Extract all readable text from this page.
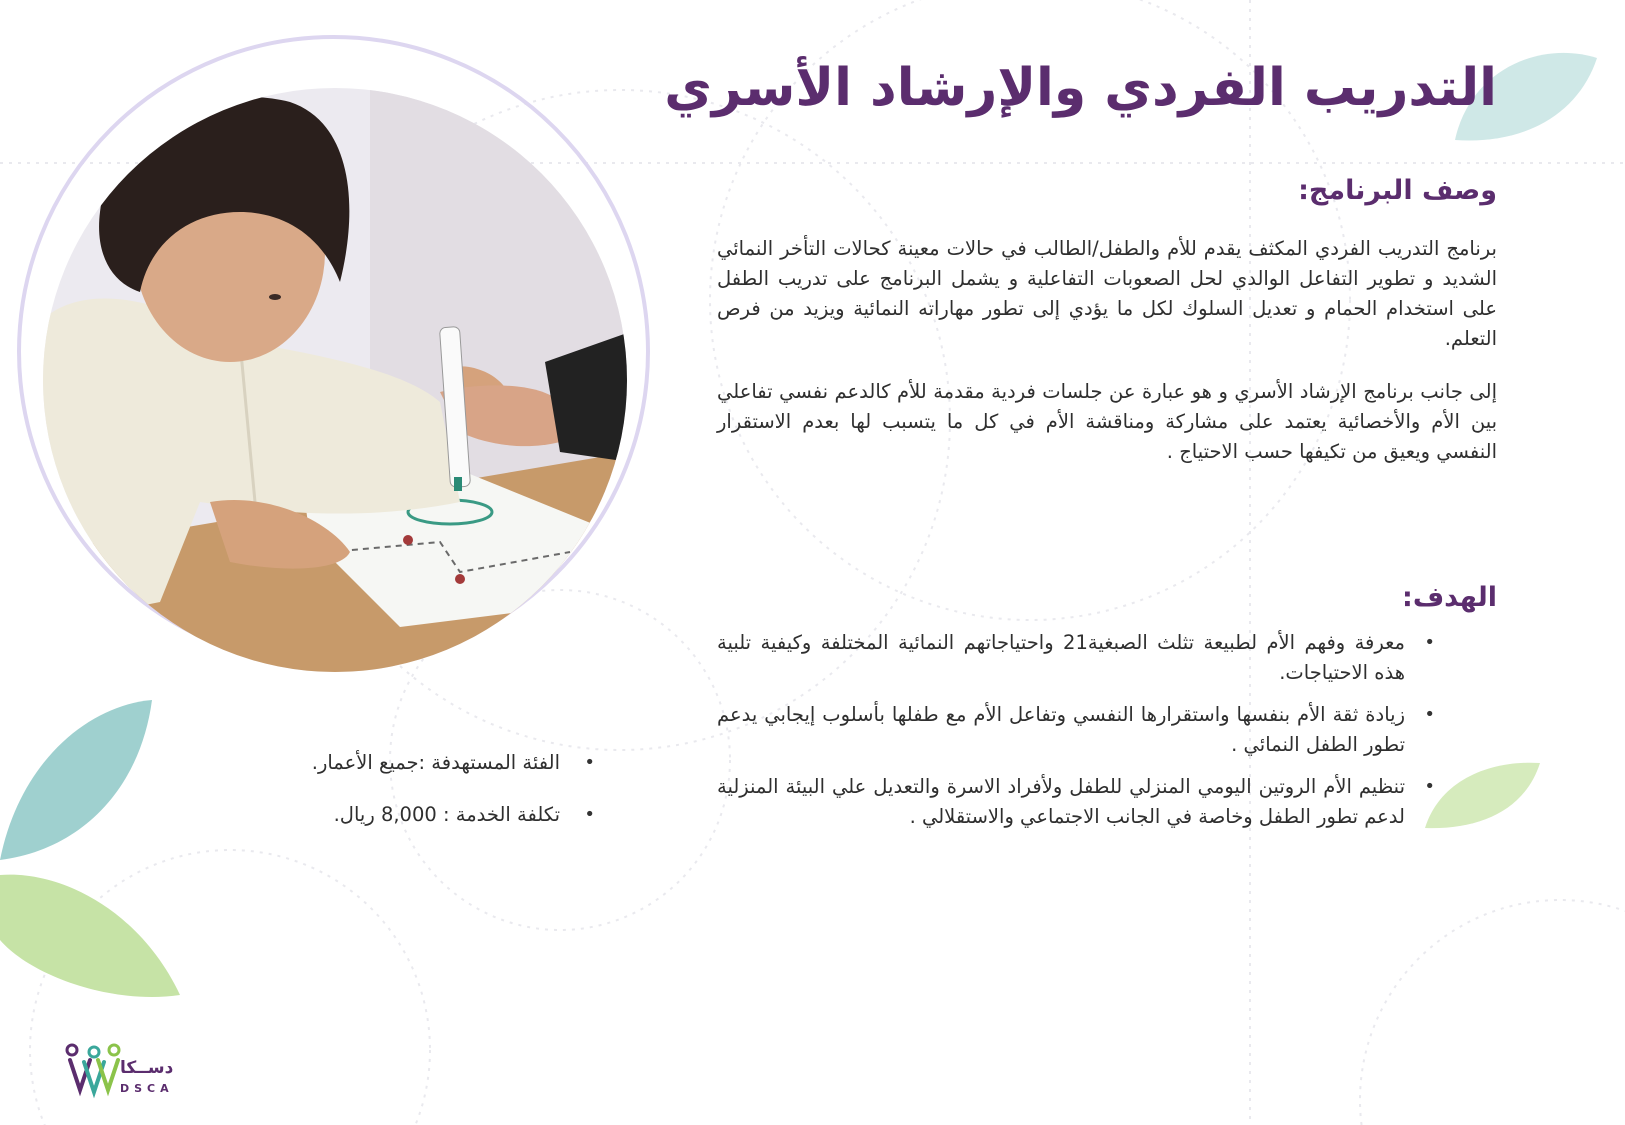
التدريب الفردي والإرشاد الأسري
وصف البرنامج:

برنامج التدريب الفردي المكثف يقدم للأم والطفل/الطالب في حالات معينة كحالات التأخر النمائي الشديد و تطوير التفاعل الوالدي لحل الصعوبات التفاعلية و يشمل البرنامج على تدريب الطفل على استخدام الحمام و تعديل السلوك لكل ما يؤدي إلى تطور مهاراته النمائية ويزيد من فرص التعلم.

إلى جانب برنامج الإرشاد الأسري و هو عبارة عن جلسات فردية مقدمة للأم كالدعم نفسي تفاعلي بين الأم والأخصائية يعتمد على مشاركة ومناقشة الأم في كل ما يتسبب لها بعدم الاستقرار النفسي ويعيق من تكيفها حسب الاحتياج .

الهدف:
•
معرفة وفهم الأم لطبيعة تثلث الصبغية21 واحتياجاتهم النمائية المختلفة وكيفية تلبية هذه الاحتياجات.
•
زيادة ثقة الأم بنفسها واستقرارها النفسي وتفاعل الأم مع طفلها بأسلوب إيجابي يدعم تطور الطفل النمائي .
•
تنظيم الأم الروتين اليومي المنزلي للطفل ولأفراد الاسرة والتعديل علي البيئة المنزلية لدعم تطور الطفل وخاصة في الجانب الاجتماعي والاستقلالي .
•
الفئة المستهدفة :جميع الأعمار.
•
تكلفة الخدمة : 8,000 ريال.
دســكا
DSCA
